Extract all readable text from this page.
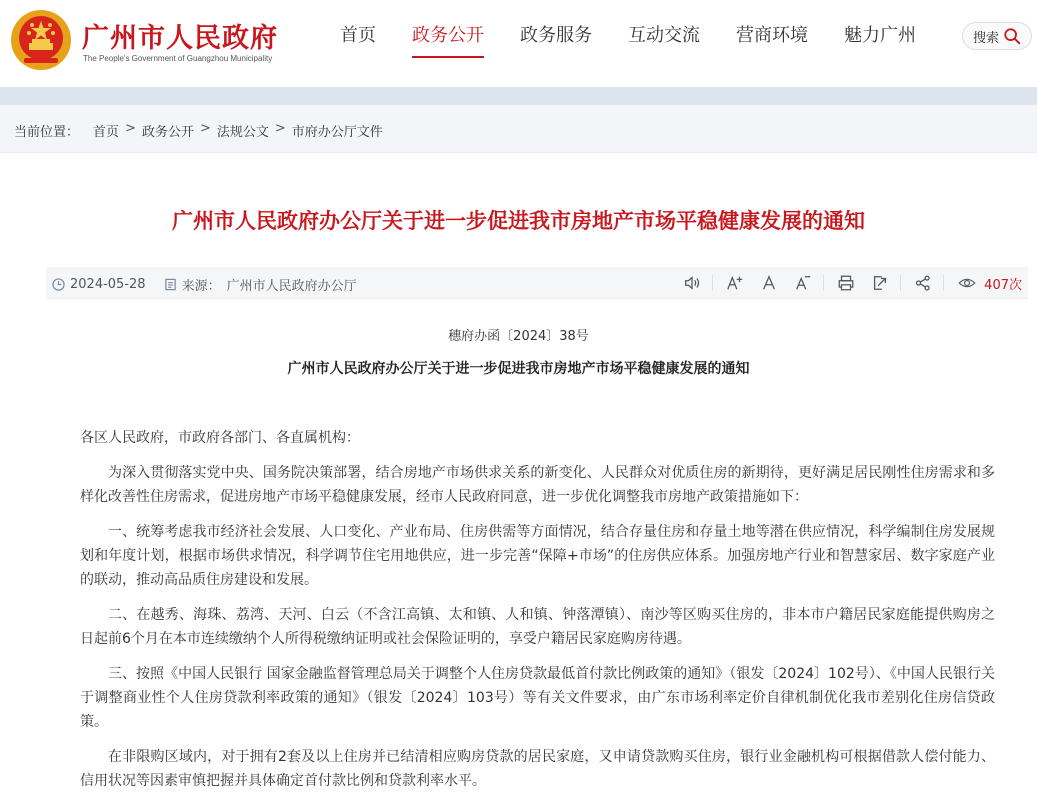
广州市人民政府
The People's Government of Guangzhou Municipality
首页	政务公开	政务服务	互动交流	营商环境	魅力广州	搜索
当前位置： 首页 > 政务公开 > 法规公文 > 市府办公厅文件
广州市人民政府办公厅关于进一步促进我市房地产市场平稳健康发展的通知
2024-05-28	来源： 广州市人民政府办公厅	407次
穗府办函〔2024〕38号
广州市人民政府办公厅关于进一步促进我市房地产市场平稳健康发展的通知

各区人民政府，市政府各部门、各直属机构：

为深入贯彻落实党中央、国务院决策部署，结合房地产市场供求关系的新变化、人民群众对优质住房的新期待，更好满足居民刚性住房需求和多样化改善性住房需求，促进房地产市场平稳健康发展，经市人民政府同意，进一步优化调整我市房地产政策措施如下：

一、统筹考虑我市经济社会发展、人口变化、产业布局、住房供需等方面情况，结合存量住房和存量土地等潜在供应情况，科学编制住房发展规划和年度计划，根据市场供求情况，科学调节住宅用地供应，进一步完善“保障+市场”的住房供应体系。加强房地产行业和智慧家居、数字家庭产业的联动，推动高品质住房建设和发展。

二、在越秀、海珠、荔湾、天河、白云（不含江高镇、太和镇、人和镇、钟落潭镇）、南沙等区购买住房的，非本市户籍居民家庭能提供购房之日起前6个月在本市连续缴纳个人所得税缴纳证明或社会保险证明的，享受户籍居民家庭购房待遇。

三、按照《中国人民银行 国家金融监督管理总局关于调整个人住房贷款最低首付款比例政策的通知》（银发〔2024〕102号）、《中国人民银行关于调整商业性个人住房贷款利率政策的通知》（银发〔2024〕103号）等有关文件要求，由广东市场利率定价自律机制优化我市差别化住房信贷政策。

在非限购区域内，对于拥有2套及以上住房并已结清相应购房贷款的居民家庭，又申请贷款购买住房，银行业金融机构可根据借款人偿付能力、信用状况等因素审慎把握并具体确定首付款比例和贷款利率水平。
